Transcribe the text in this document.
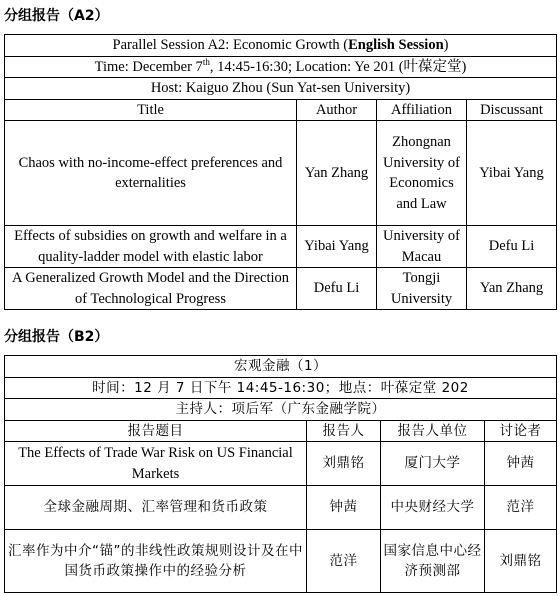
分组报告（A2）
Parallel Session A2: Economic Growth (English Session)			
Time: December 7th, 14:45-16:30; Location: Ye 201 (叶葆定堂)			
Host: Kaiguo Zhou (Sun Yat-sen University)			
Title	Author	Affiliation	Discussant
Chaos with no-income-effect preferences and externalities	Yan Zhang	Zhongnan University of Economics and Law	Yibai Yang
Effects of subsidies on growth and welfare in a quality-ladder model with elastic labor	Yibai Yang	University of Macau	Defu Li
A Generalized Growth Model and the Direction of Technological Progress	Defu Li	Tongji University	Yan Zhang
分组报告（B2）
宏观金融（1）			
时间：12 月 7 日下午 14:45-16:30；地点：叶葆定堂 202			
主持人：项后军（广东金融学院）			
报告题目	报告人	报告人单位	讨论者
The Effects of Trade War Risk on US Financial Markets	刘鼎铭	厦门大学	钟茜
全球金融周期、汇率管理和货币政策	钟茜	中央财经大学	范洋
汇率作为中介“锚”的非线性政策规则设计及在中国货币政策操作中的经验分析	范洋	国家信息中心经济预测部	刘鼎铭
